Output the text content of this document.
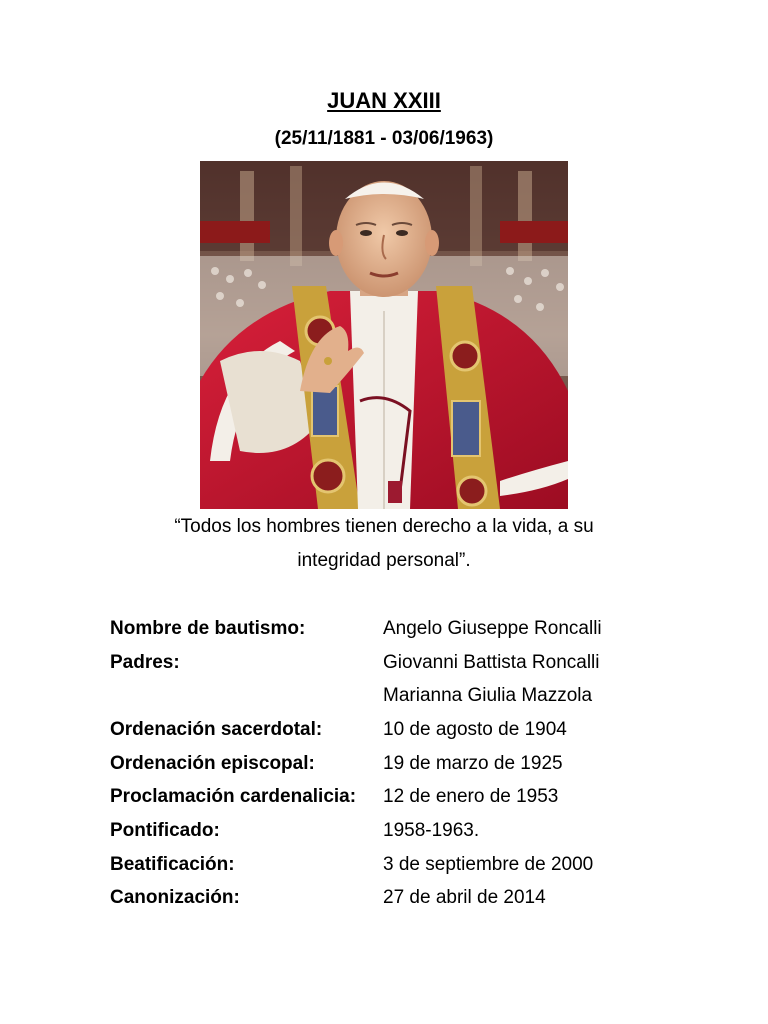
JUAN XXIII
(25/11/1881 - 03/06/1963)
“Todos los hombres tienen derecho a la vida, a su
integridad personal”.
Nombre de bautismo:	Angelo Giuseppe Roncalli
Padres:	Giovanni Battista Roncalli
Marianna Giulia Mazzola
Ordenación sacerdotal:	10 de agosto de 1904
Ordenación episcopal:	19 de marzo de 1925
Proclamación cardenalicia:	12 de enero de 1953
Pontificado:	1958-1963.
Beatificación:	3 de septiembre de 2000
Canonización:	27 de abril de 2014
